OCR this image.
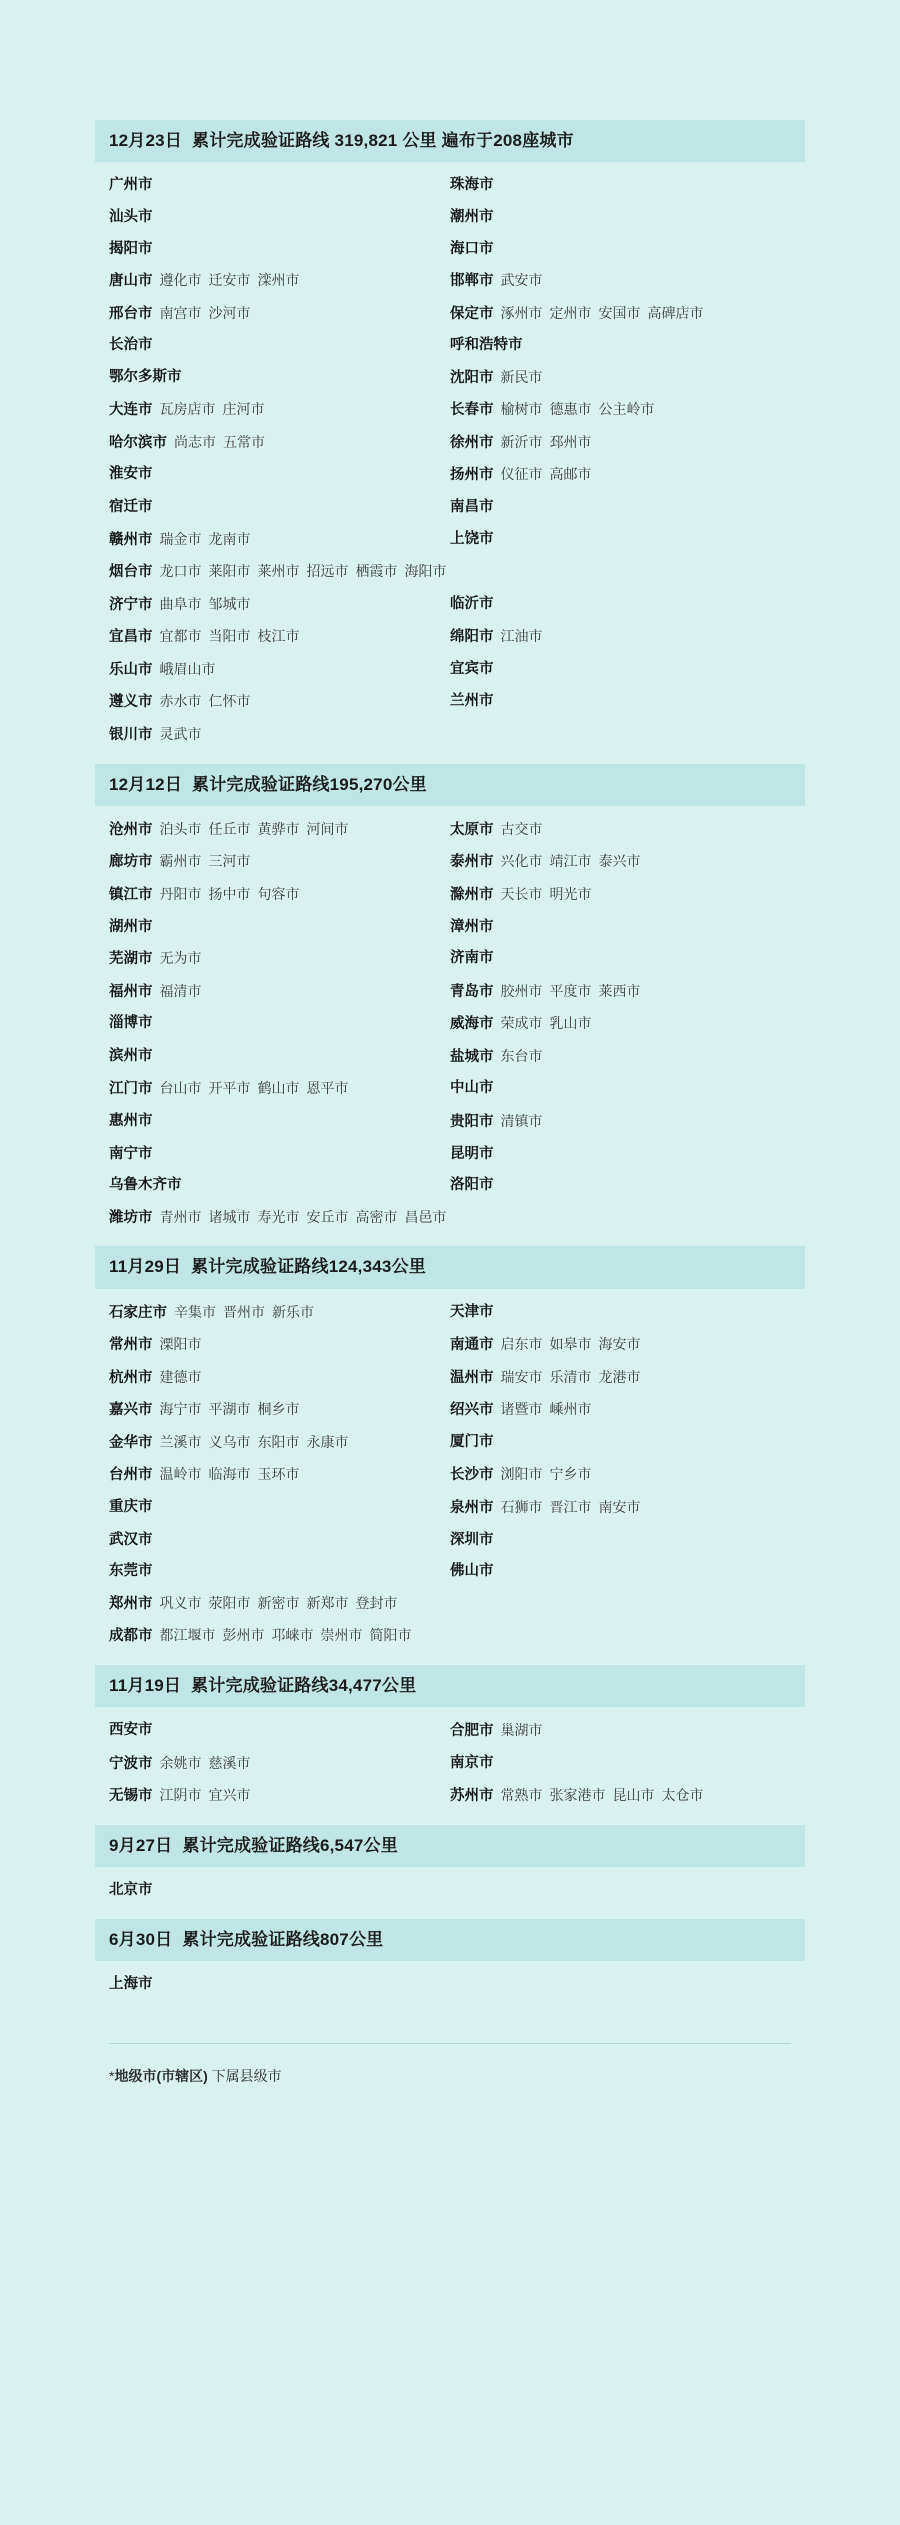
12月23日 累计完成验证路线 319,821 公里 遍布于208座城市
广州市	珠海市
汕头市	潮州市
揭阳市	海口市
唐山市 遵化市 迁安市 滦州市	邯郸市 武安市
邢台市 南宫市 沙河市	保定市 涿州市 定州市 安国市 高碑店市
长治市	呼和浩特市
鄂尔多斯市	沈阳市 新民市
大连市 瓦房店市 庄河市	长春市 榆树市 德惠市 公主岭市
哈尔滨市 尚志市 五常市	徐州市 新沂市 邳州市
淮安市	扬州市 仪征市 高邮市
宿迁市	南昌市
赣州市 瑞金市 龙南市	上饶市
烟台市 龙口市 莱阳市 莱州市 招远市 栖霞市 海阳市
济宁市 曲阜市 邹城市	临沂市
宜昌市 宜都市 当阳市 枝江市	绵阳市 江油市
乐山市 峨眉山市	宜宾市
遵义市 赤水市 仁怀市	兰州市
银川市 灵武市
12月12日 累计完成验证路线195,270公里
沧州市 泊头市 任丘市 黄骅市 河间市	太原市 古交市
廊坊市 霸州市 三河市	泰州市 兴化市 靖江市 泰兴市
镇江市 丹阳市 扬中市 句容市	滁州市 天长市 明光市
湖州市	漳州市
芜湖市 无为市	济南市
福州市 福清市	青岛市 胶州市 平度市 莱西市
淄博市	威海市 荣成市 乳山市
滨州市	盐城市 东台市
江门市 台山市 开平市 鹤山市 恩平市	中山市
惠州市	贵阳市 清镇市
南宁市	昆明市
乌鲁木齐市	洛阳市
潍坊市 青州市 诸城市 寿光市 安丘市 高密市 昌邑市
11月29日 累计完成验证路线124,343公里
石家庄市 辛集市 晋州市 新乐市	天津市
常州市 溧阳市	南通市 启东市 如皋市 海安市
杭州市 建德市	温州市 瑞安市 乐清市 龙港市
嘉兴市 海宁市 平湖市 桐乡市	绍兴市 诸暨市 嵊州市
金华市 兰溪市 义乌市 东阳市 永康市	厦门市
台州市 温岭市 临海市 玉环市	长沙市 浏阳市 宁乡市
重庆市	泉州市 石狮市 晋江市 南安市
武汉市	深圳市
东莞市	佛山市
郑州市 巩义市 荥阳市 新密市 新郑市 登封市
成都市 都江堰市 彭州市 邛崃市 崇州市 简阳市
11月19日 累计完成验证路线34,477公里
西安市	合肥市 巢湖市
宁波市 余姚市 慈溪市	南京市
无锡市 江阴市 宜兴市	苏州市 常熟市 张家港市 昆山市 太仓市
9月27日 累计完成验证路线6,547公里
北京市
6月30日 累计完成验证路线807公里
上海市
*地级市(市辖区) 下属县级市
